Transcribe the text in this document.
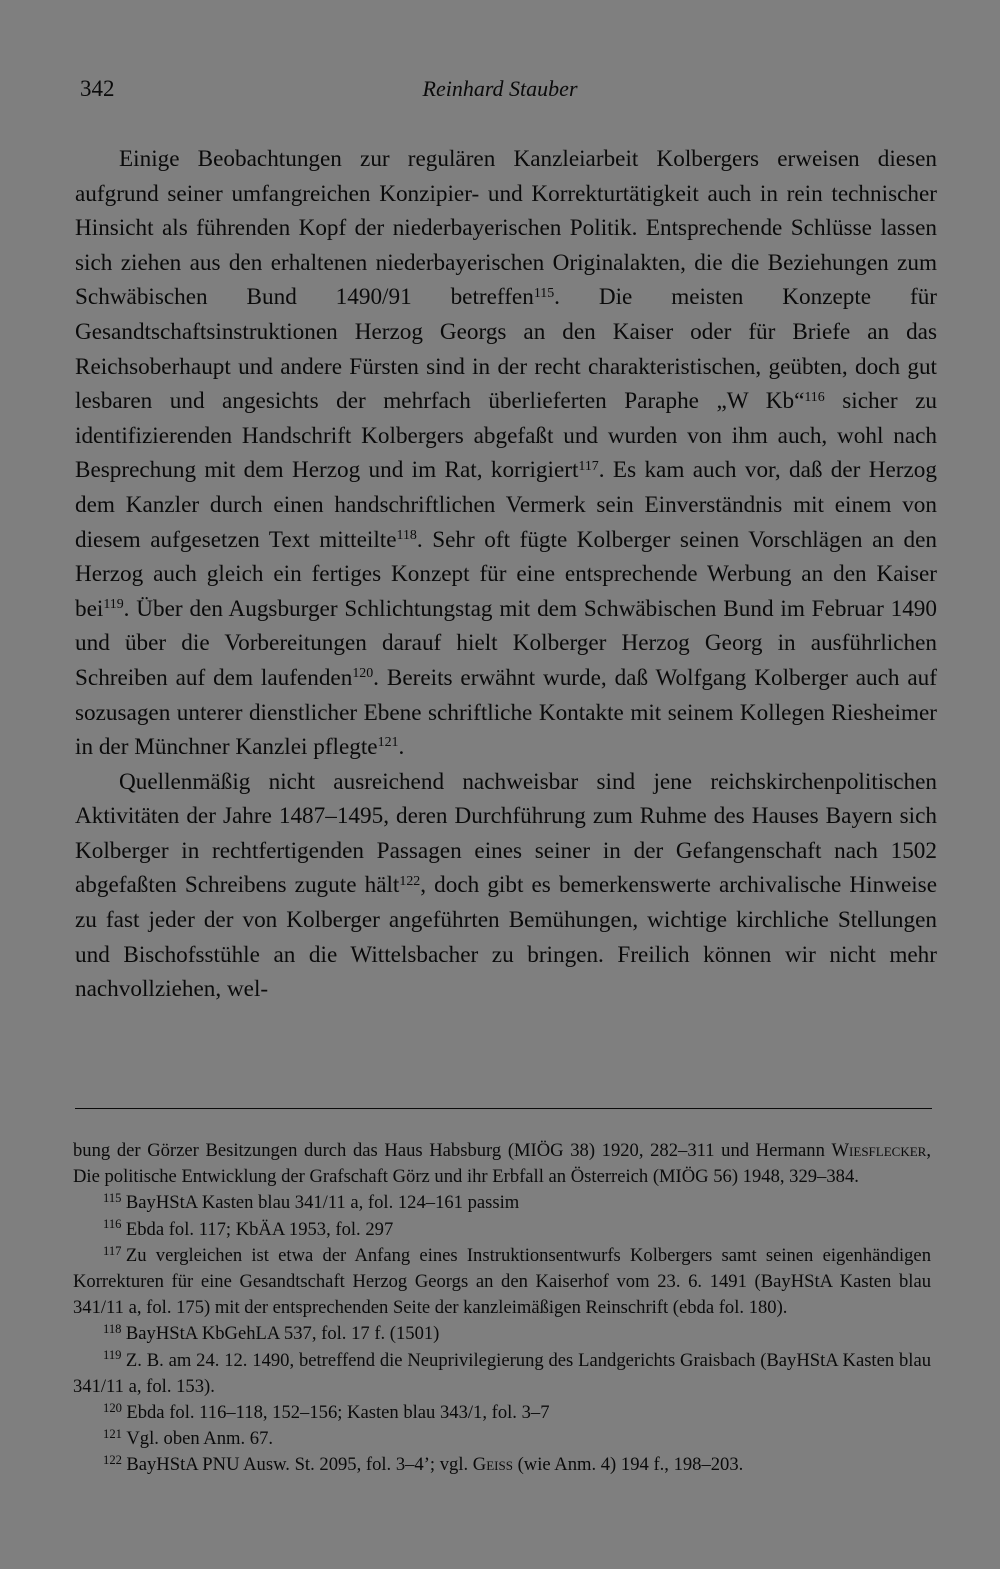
342	Reinhard Stauber

Einige Beobachtungen zur regulären Kanzleiarbeit Kolbergers erweisen diesen aufgrund seiner umfangreichen Konzipier- und Korrekturtätigkeit auch in rein technischer Hinsicht als führenden Kopf der niederbayerischen Politik. Entsprechende Schlüsse lassen sich ziehen aus den erhaltenen niederbayerischen Originalakten, die die Beziehungen zum Schwäbischen Bund 1490/91 betreffen$^{115}$. Die meisten Konzepte für Gesandtschaftsinstruktionen Herzog Georgs an den Kaiser oder für Briefe an das Reichsoberhaupt und andere Fürsten sind in der recht charakteristischen, geübten, doch gut lesbaren und angesichts der mehrfach überlieferten Paraphe „W Kb“$^{116}$ sicher zu identifizierenden Handschrift Kolbergers abgefaßt und wurden von ihm auch, wohl nach Besprechung mit dem Herzog und im Rat, korrigiert$^{117}$. Es kam auch vor, daß der Herzog dem Kanzler durch einen handschriftlichen Vermerk sein Einverständnis mit einem von diesem aufgesetzen Text mitteilte$^{118}$. Sehr oft fügte Kolberger seinen Vorschlägen an den Herzog auch gleich ein fertiges Konzept für eine entsprechende Werbung an den Kaiser bei$^{119}$. Über den Augsburger Schlichtungstag mit dem Schwäbischen Bund im Februar 1490 und über die Vorbereitungen darauf hielt Kolberger Herzog Georg in ausführlichen Schreiben auf dem laufenden$^{120}$. Bereits erwähnt wurde, daß Wolfgang Kolberger auch auf sozusagen unterer dienstlicher Ebene schriftliche Kontakte mit seinem Kollegen Riesheimer in der Münchner Kanzlei pflegte$^{121}$.

Quellenmäßig nicht ausreichend nachweisbar sind jene reichskirchenpolitischen Aktivitäten der Jahre 1487–1495, deren Durchführung zum Ruhme des Hauses Bayern sich Kolberger in rechtfertigenden Passagen eines seiner in der Gefangenschaft nach 1502 abgefaßten Schreibens zugute hält$^{122}$, doch gibt es bemerkenswerte archivalische Hinweise zu fast jeder der von Kolberger angeführten Bemühungen, wichtige kirchliche Stellungen und Bischofsstühle an die Wittelsbacher zu bringen. Freilich können wir nicht mehr nachvollziehen, wel-

bung der Görzer Besitzungen durch das Haus Habsburg (MIÖG 38) 1920, 282–311 und Hermann Wiesflecker, Die politische Entwicklung der Grafschaft Görz und ihr Erbfall an Österreich (MIÖG 56) 1948, 329–384.

$^{115}$ BayHStA Kasten blau 341/11 a, fol. 124–161 passim

$^{116}$ Ebda fol. 117; KbÄA 1953, fol. 297

$^{117}$ Zu vergleichen ist etwa der Anfang eines Instruktionsentwurfs Kolbergers samt seinen eigenhändigen Korrekturen für eine Gesandtschaft Herzog Georgs an den Kaiserhof vom 23. 6. 1491 (BayHStA Kasten blau 341/11 a, fol. 175) mit der entsprechenden Seite der kanzleimäßigen Reinschrift (ebda fol. 180).

$^{118}$ BayHStA KbGehLA 537, fol. 17 f. (1501)

$^{119}$ Z. B. am 24. 12. 1490, betreffend die Neuprivilegierung des Landgerichts Graisbach (BayHStA Kasten blau 341/11 a, fol. 153).

$^{120}$ Ebda fol. 116–118, 152–156; Kasten blau 343/1, fol. 3–7

$^{121}$ Vgl. oben Anm. 67.

$^{122}$ BayHStA PNU Ausw. St. 2095, fol. 3–4’; vgl. Geiss (wie Anm. 4) 194 f., 198–203.
